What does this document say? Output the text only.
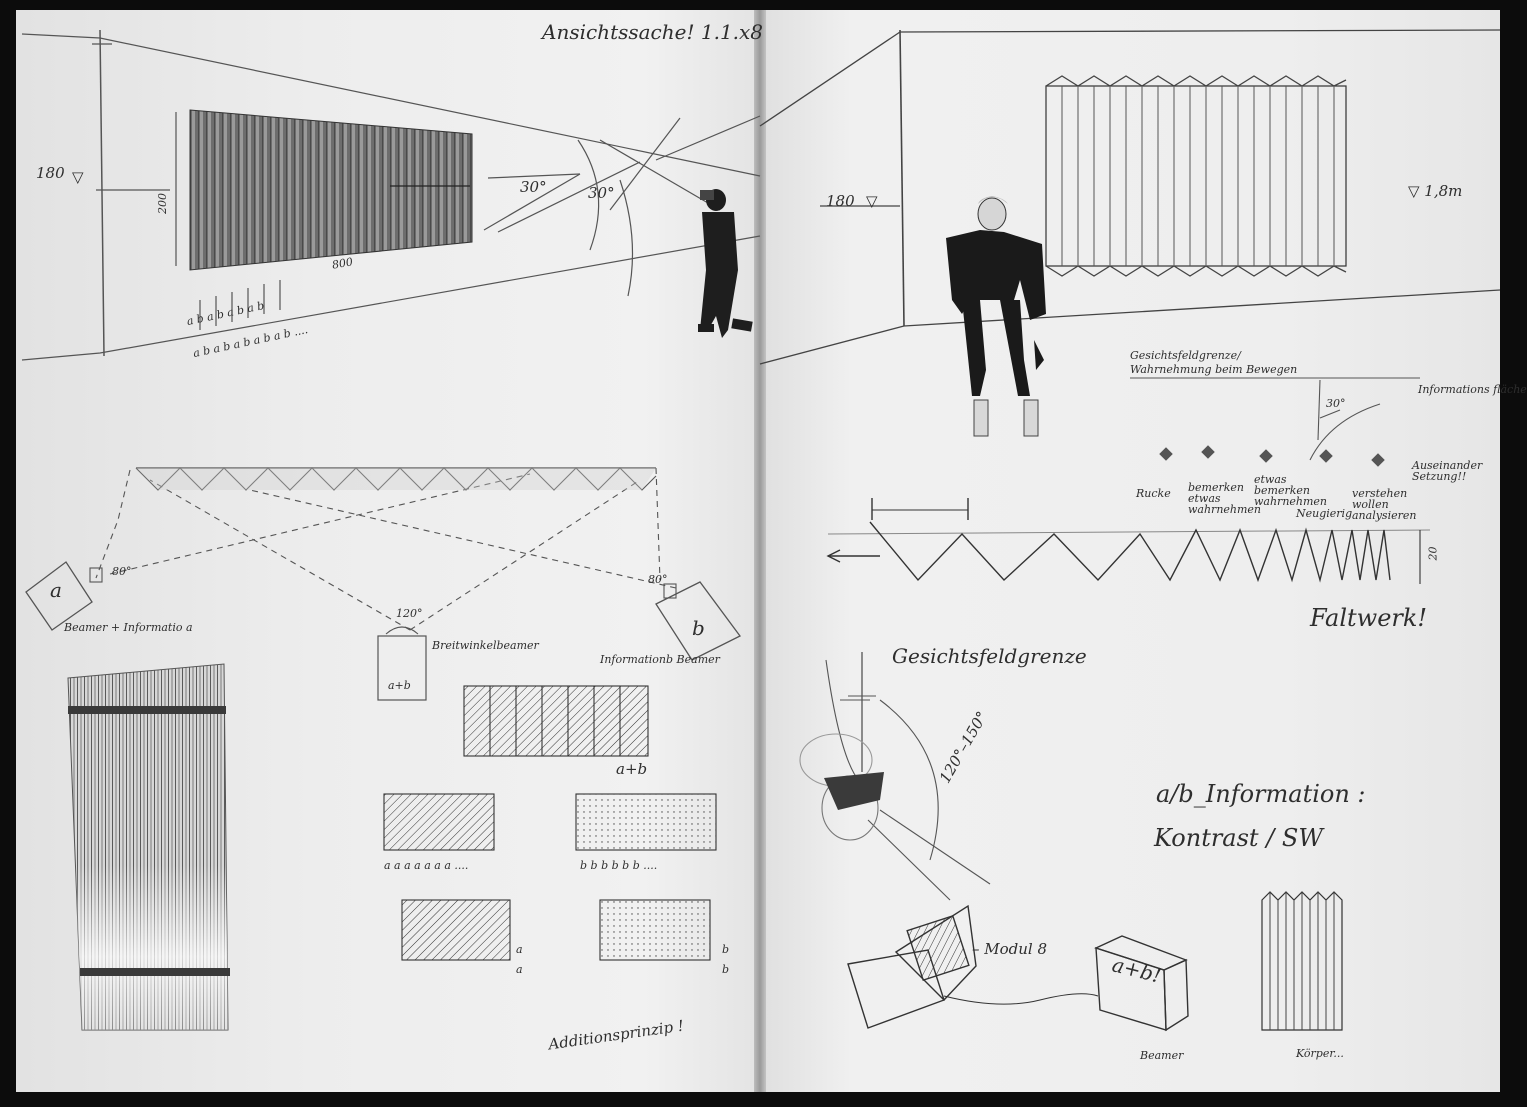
Ansichtssache! 1.1.x8

180 ▽

200

800

30°	30°

a b a b a b a b

a b a b a b a b a b ....

a

80°

Beamer + Informatio a

120°

Breitwinkelbeamer

a+b

80°

b

Informationb Beamer

a+b

a a a a a a a ....	b b b b b b ....

a

a

b

b

Additionsprinzip !

180 ▽

▽ 1,8m

Gesichtsfeldgrenze/

Wahrnehmung beim Bewegen

Informations fläche

30°

Rucke bemerken etwas wahrnehmen

etwas bemerken wahrnehmen

Neugierig

verstehen wollen analysieren

Auseinander Setzung!!

20

Faltwerk!

Gesichtsfeldgrenze

120°–150°

a/b_Information :

Kontrast / SW

– Modul 8

a+b!

Beamer	Körper...
